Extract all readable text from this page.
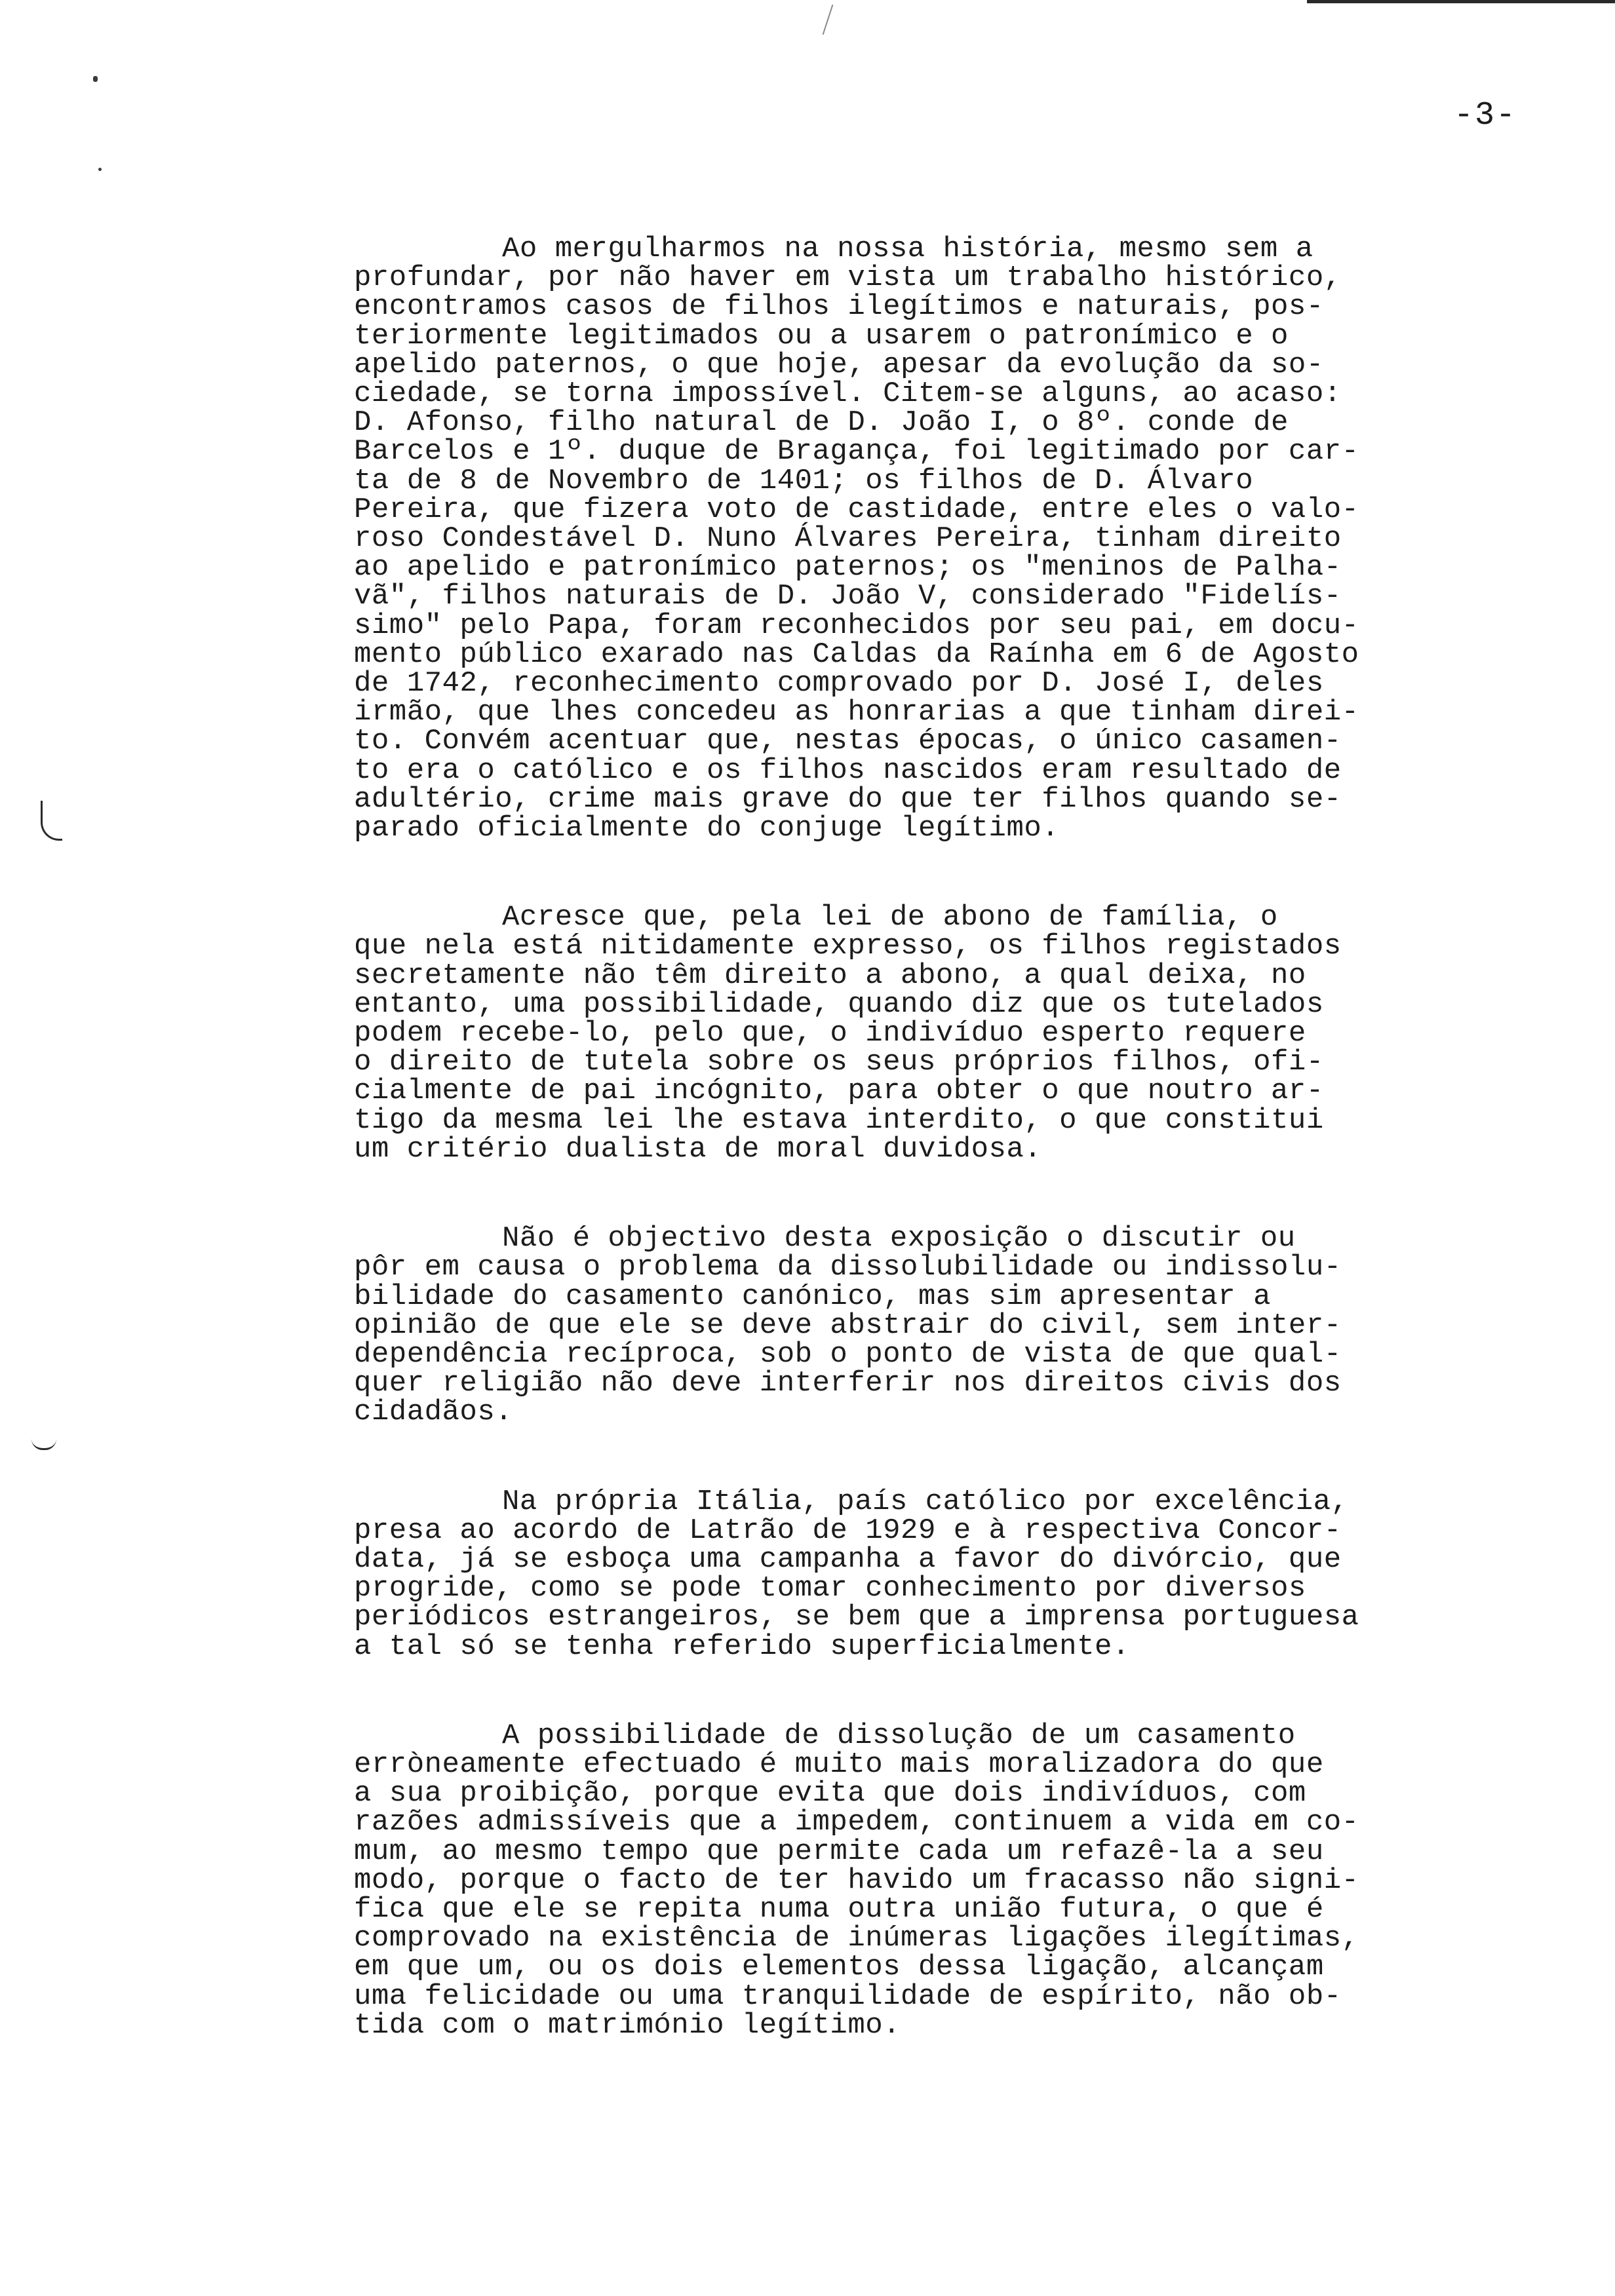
-3-
Ao mergulharmos na nossa história, mesmo sem a
profundar, por não haver em vista um trabalho histórico,
encontramos casos de filhos ilegítimos e naturais, pos-
teriormente legitimados ou a usarem o patronímico e o
apelido paternos, o que hoje, apesar da evolução da so-
ciedade, se torna impossível. Citem-se alguns, ao acaso:
D. Afonso, filho natural de D. João I, o 8º. conde de
Barcelos e 1º. duque de Bragança, foi legitimado por car-
ta de 8 de Novembro de 1401; os filhos de D. Álvaro
Pereira, que fizera voto de castidade, entre eles o valo-
roso Condestável D. Nuno Álvares Pereira, tinham direito
ao apelido e patronímico paternos; os "meninos de Palha-
vã", filhos naturais de D. João V, considerado "Fidelís-
simo" pelo Papa, foram reconhecidos por seu pai, em docu-
mento público exarado nas Caldas da Raínha em 6 de Agosto
de 1742, reconhecimento comprovado por D. José I, deles
irmão, que lhes concedeu as honrarias a que tinham direi-
to. Convém acentuar que, nestas épocas, o único casamen-
to era o católico e os filhos nascidos eram resultado de
adultério, crime mais grave do que ter filhos quando se-
parado oficialmente do conjuge legítimo.
Acresce que, pela lei de abono de família, o
que nela está nitidamente expresso, os filhos registados
secretamente não têm direito a abono, a qual deixa, no
entanto, uma possibilidade, quando diz que os tutelados
podem recebe-lo, pelo que, o indivíduo esperto requere
o direito de tutela sobre os seus próprios filhos, ofi-
cialmente de pai incógnito, para obter o que noutro ar-
tigo da mesma lei lhe estava interdito, o que constitui
um critério dualista de moral duvidosa.
Não é objectivo desta exposição o discutir ou
pôr em causa o problema da dissolubilidade ou indissolu-
bilidade do casamento canónico, mas sim apresentar a
opinião de que ele se deve abstrair do civil, sem inter-
dependência recíproca, sob o ponto de vista de que qual-
quer religião não deve interferir nos direitos civis dos
cidadãos.
Na própria Itália, país católico por excelência,
presa ao acordo de Latrão de 1929 e à respectiva Concor-
data, já se esboça uma campanha a favor do divórcio, que
progride, como se pode tomar conhecimento por diversos
periódicos estrangeiros, se bem que a imprensa portuguesa
a tal só se tenha referido superficialmente.
A possibilidade de dissolução de um casamento
erròneamente efectuado é muito mais moralizadora do que
a sua proibição, porque evita que dois indivíduos, com
razões admissíveis que a impedem, continuem a vida em co-
mum, ao mesmo tempo que permite cada um refazê-la a seu
modo, porque o facto de ter havido um fracasso não signi-
fica que ele se repita numa outra união futura, o que é
comprovado na existência de inúmeras ligações ilegítimas,
em que um, ou os dois elementos dessa ligação, alcançam
uma felicidade ou uma tranquilidade de espírito, não ob-
tida com o matrimónio legítimo.
